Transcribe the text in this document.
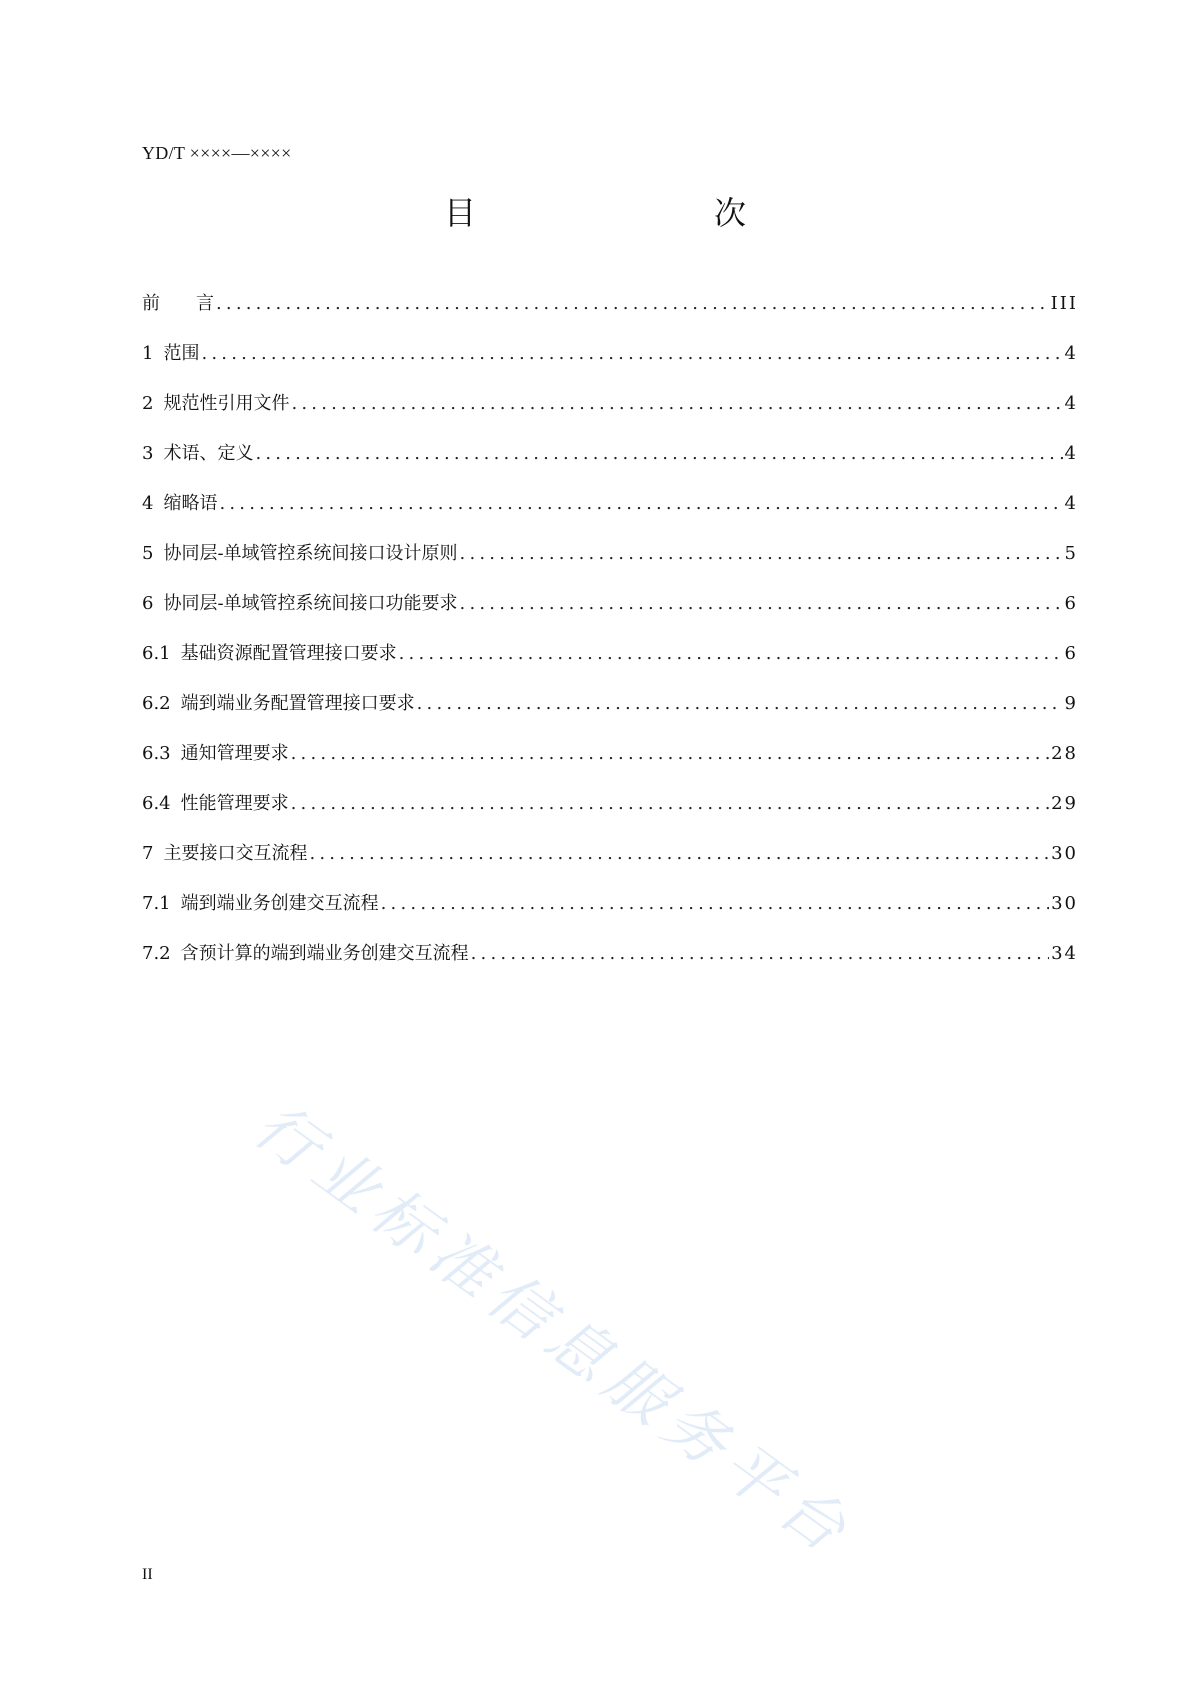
YD/T ××××—××××
目　　次
前　　言 .....	III
1 范围 .....	4
2 规范性引用文件 .....	4
3 术语、定义 .....	4
4 缩略语 .....	4
5 协同层-单域管控系统间接口设计原则 .....	5
6 协同层-单域管控系统间接口功能要求 .....	6
6.1 基础资源配置管理接口要求 .....	6
6.2 端到端业务配置管理接口要求 .....	9
6.3 通知管理要求 .....	28
6.4 性能管理要求 .....	29
7 主要接口交互流程 .....	30
7.1 端到端业务创建交互流程 .....	30
7.2 含预计算的端到端业务创建交互流程 .....	34
行业标准信息服务平台
II
